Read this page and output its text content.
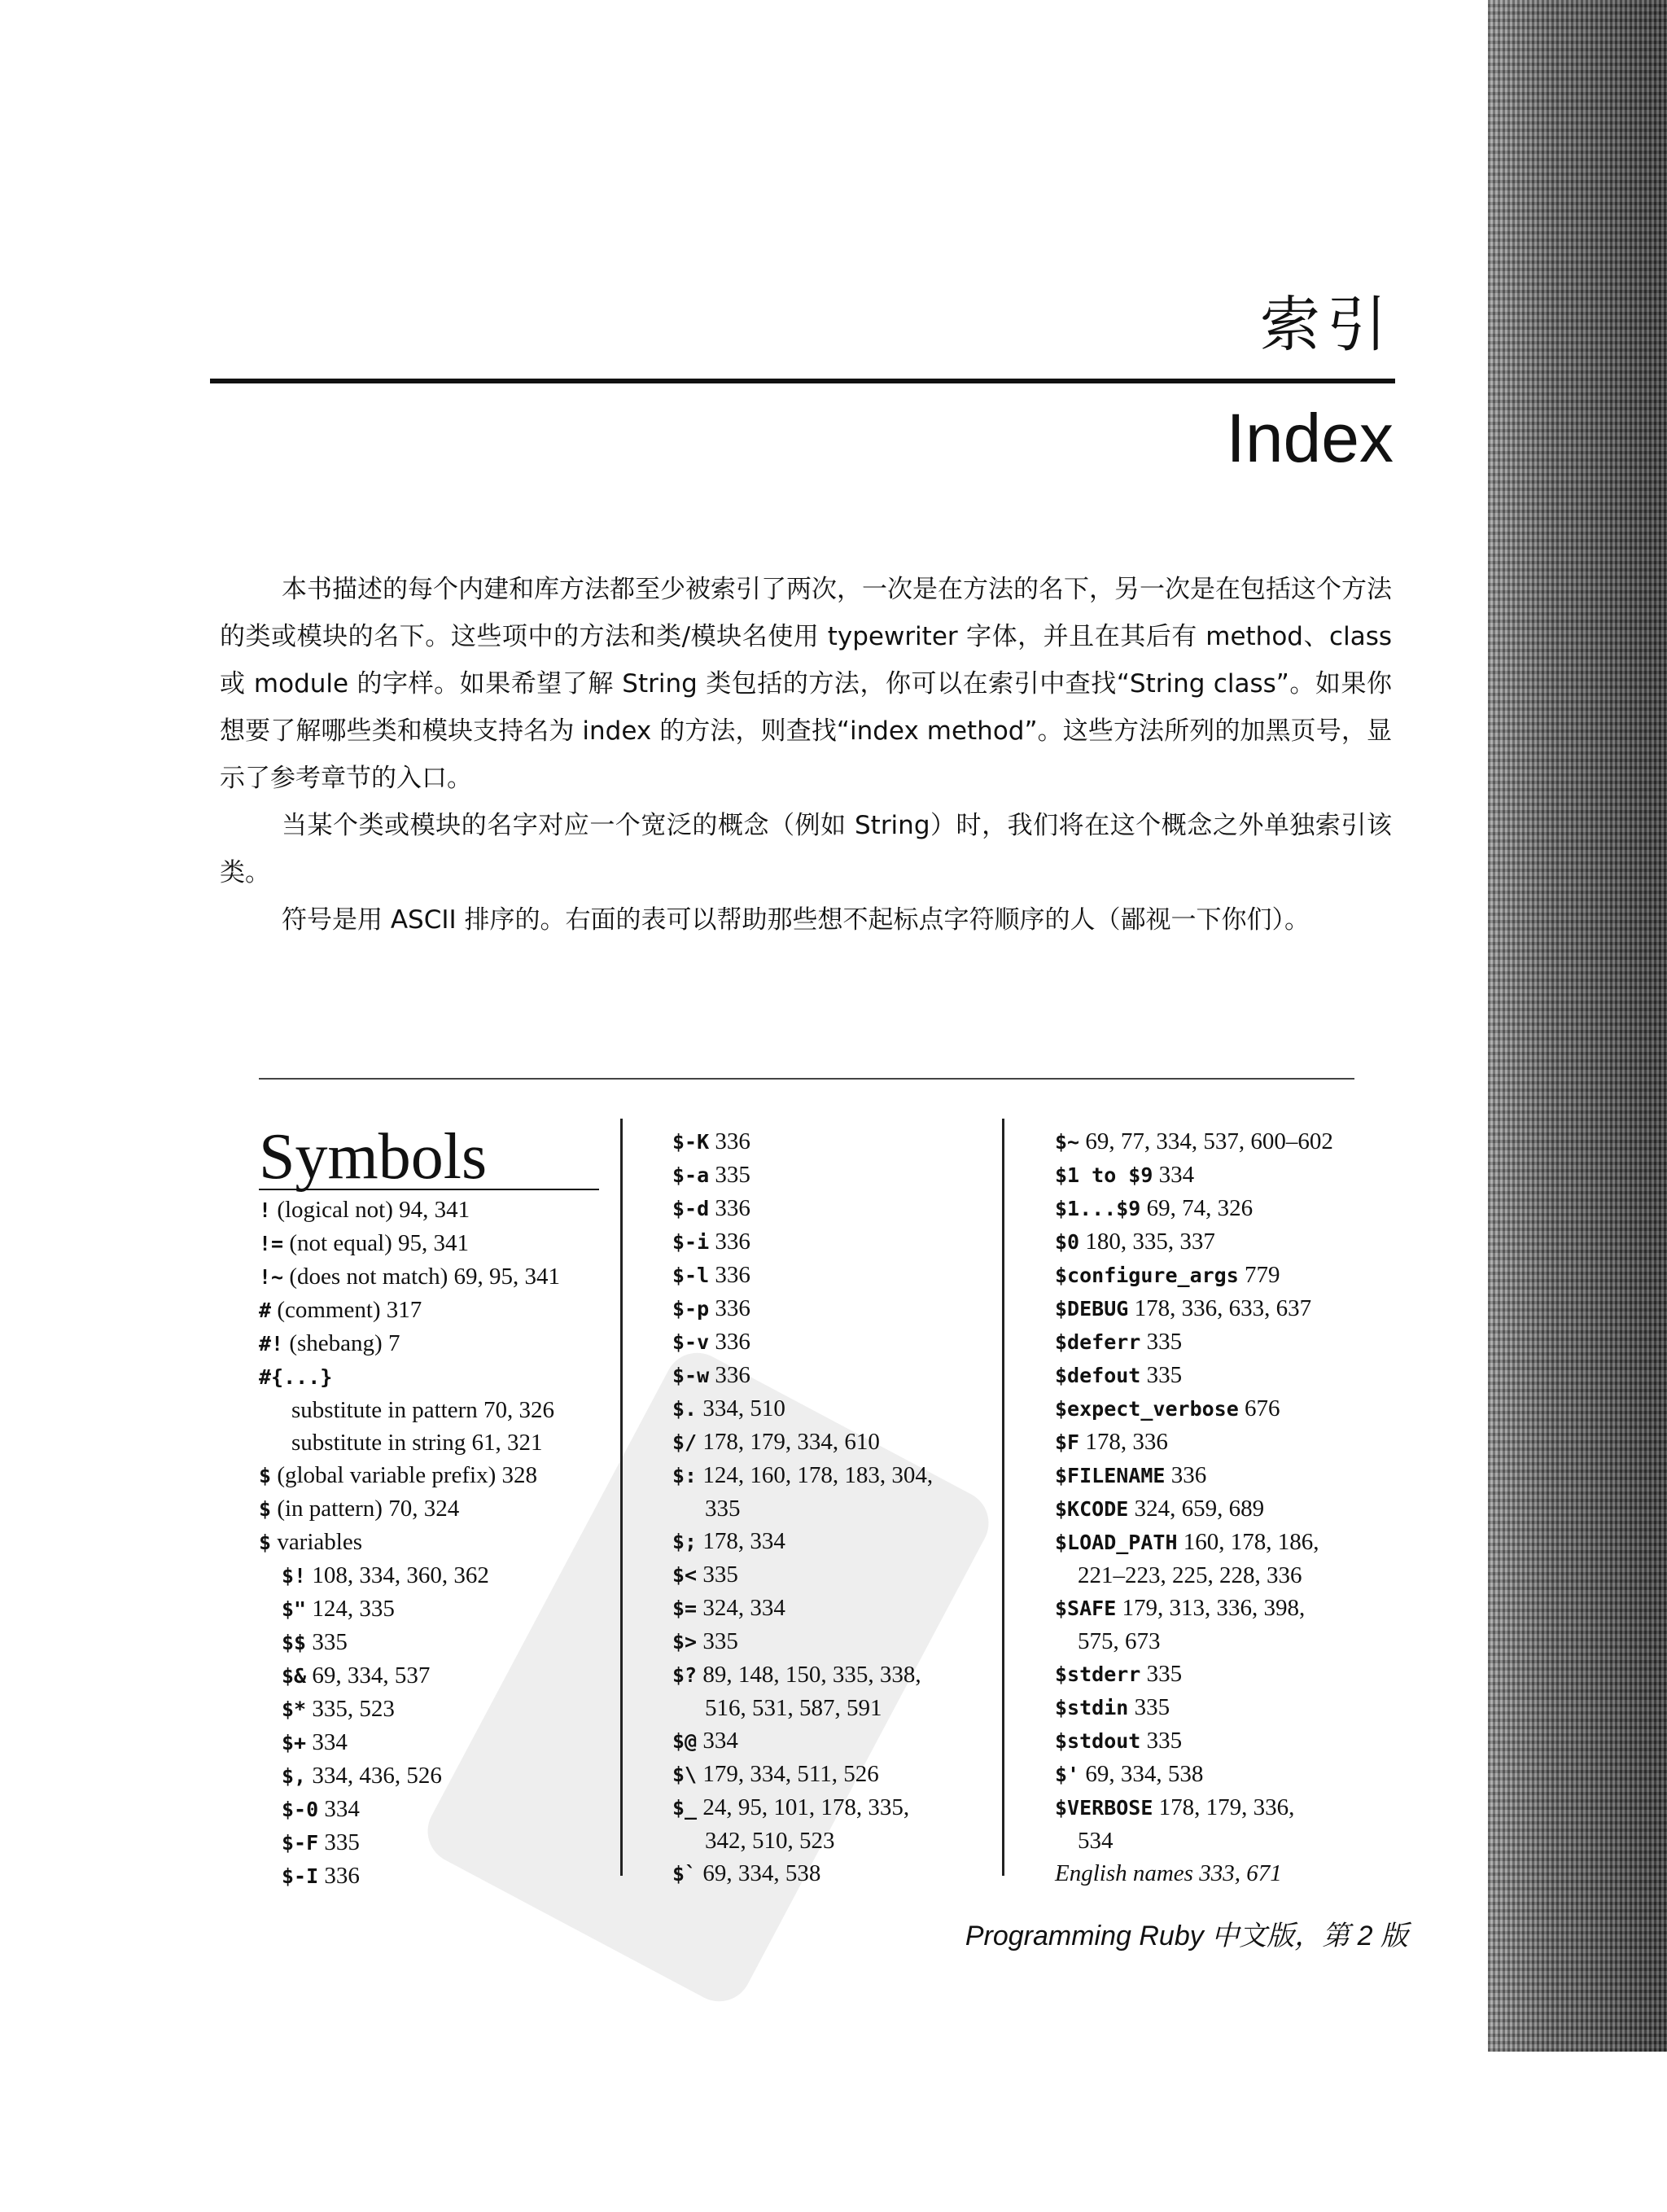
索引
Index

本书描述的每个内建和库方法都至少被索引了两次，一次是在方法的名下，另一次是在包括这个方法的类或模块的名下。这些项中的方法和类/模块名使用 typewriter 字体，并且在其后有 method、class 或 module 的字样。如果希望了解 String 类包括的方法，你可以在索引中查找“String class”。如果你想要了解哪些类和模块支持名为 index 的方法，则查找“index method”。这些方法所列的加黑页号，显示了参考章节的入口。

当某个类或模块的名字对应一个宽泛的概念（例如 String）时，我们将在这个概念之外单独索引该类。

符号是用 ASCII 排序的。右面的表可以帮助那些想不起标点字符顺序的人（鄙视一下你们）。

Symbols
! (logical not) 94, 341
!= (not equal) 95, 341
!~ (does not match) 69, 95, 341
# (comment) 317
#! (shebang) 7
#{...}
substitute in pattern 70, 326
substitute in string 61, 321
$ (global variable prefix) 328
$ (in pattern) 70, 324
$ variables
$! 108, 334, 360, 362
$" 124, 335
$$ 335
$& 69, 334, 537
$* 335, 523
$+ 334
$, 334, 436, 526
$-0 334
$-F 335
$-I 336
$-K 336
$-a 335
$-d 336
$-i 336
$-l 336
$-p 336
$-v 336
$-w 336
$. 334, 510
$/ 178, 179, 334, 610
$: 124, 160, 178, 183, 304,
335
$; 178, 334
$< 335
$= 324, 334
$> 335
$? 89, 148, 150, 335, 338,
516, 531, 587, 591
$@ 334
$\ 179, 334, 511, 526
$_ 24, 95, 101, 178, 335,
342, 510, 523
$` 69, 334, 538
$~ 69, 77, 334, 537, 600–602
$1 to $9 334
$1...$9 69, 74, 326
$0 180, 335, 337
$configure_args 779
$DEBUG 178, 336, 633, 637
$deferr 335
$defout 335
$expect_verbose 676
$F 178, 336
$FILENAME 336
$KCODE 324, 659, 689
$LOAD_PATH 160, 178, 186,
221–223, 225, 228, 336
$SAFE 179, 313, 336, 398,
575, 673
$stderr 335
$stdin 335
$stdout 335
$' 69, 334, 538
$VERBOSE 178, 179, 336,
534
English names 333, 671
Programming Ruby 中文版，第 2 版
